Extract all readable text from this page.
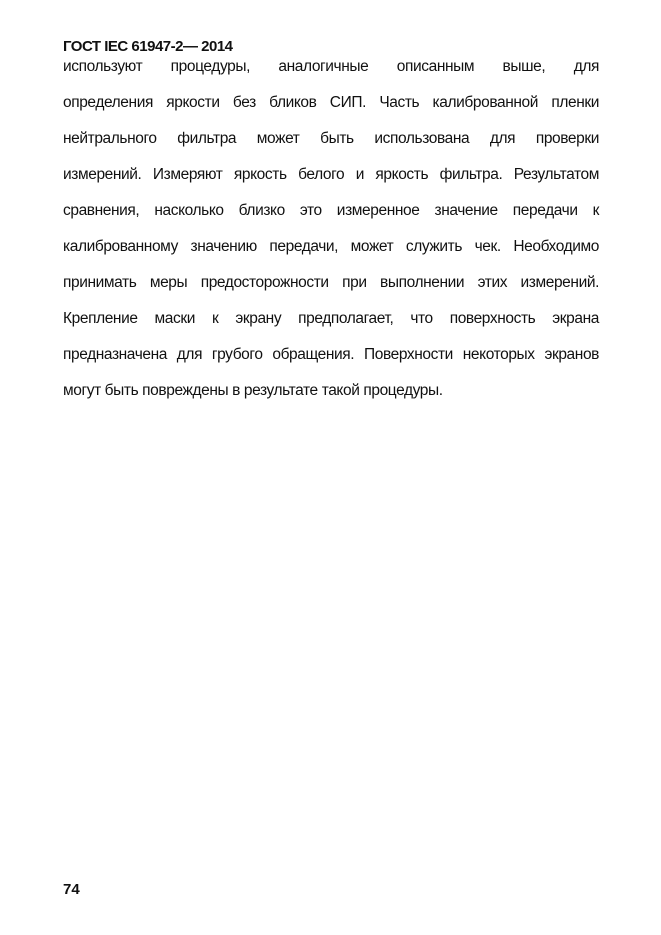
ГОСТ IEC 61947-2— 2014
используют процедуры, аналогичные описанным выше, для
определения яркости без бликов СИП. Часть калиброванной пленки
нейтрального фильтра может быть использована для проверки
измерений. Измеряют яркость белого и яркость фильтра. Результатом
сравнения, насколько близко это измеренное значение передачи к
калиброванному значению передачи, может служить чек. Необходимо
принимать меры предосторожности при выполнении этих измерений.
Крепление маски к экрану предполагает, что поверхность экрана
предназначена для грубого обращения. Поверхности некоторых экранов
могут быть повреждены в результате такой процедуры.
74
